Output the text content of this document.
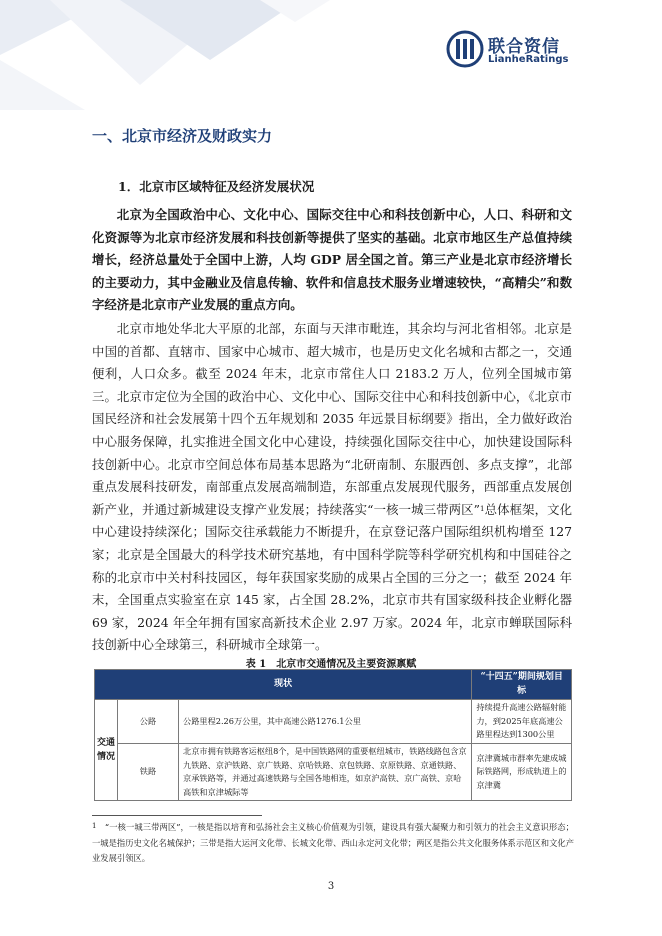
联合资信
LianheRatings
一、北京市经济及财政实力
1．北京市区域特征及经济发展状况

北京为全国政治中心、文化中心、国际交往中心和科技创新中心，人口、科研和文化资源等为北京市经济发展和科技创新等提供了坚实的基础。北京市地区生产总值持续增长，经济总量处于全国中上游，人均 GDP 居全国之首。第三产业是北京市经济增长的主要动力，其中金融业及信息传输、软件和信息技术服务业增速较快，“高精尖”和数字经济是北京市产业发展的重点方向。

北京市地处华北大平原的北部，东面与天津市毗连，其余均与河北省相邻。北京是中国的首都、直辖市、国家中心城市、超大城市，也是历史文化名城和古都之一，交通便利，人口众多。截至 2024 年末，北京市常住人口 2183.2 万人，位列全国城市第三。北京市定位为全国的政治中心、文化中心、国际交往中心和科技创新中心，《北京市国民经济和社会发展第十四个五年规划和 2035 年远景目标纲要》指出，全力做好政治中心服务保障，扎实推进全国文化中心建设，持续强化国际交往中心，加快建设国际科技创新中心。北京市空间总体布局基本思路为“北研南制、东服西创、多点支撑”，北部重点发展科技研发，南部重点发展高端制造，东部重点发展现代服务，西部重点发展创新产业，并通过新城建设支撑产业发展；持续落实“一核一城三带两区”$^1$总体框架，文化中心建设持续深化；国际交往承载能力不断提升，在京登记落户国际组织机构增至 127 家；北京是全国最大的科学技术研究基地，有中国科学院等科学研究机构和中国硅谷之称的北京市中关村科技园区，每年获国家奖励的成果占全国的三分之一；截至 2024 年末，全国重点实验室在京 145 家，占全国 28.2%，北京市共有国家级科技企业孵化器 69 家，2024 年全年拥有国家高新技术企业 2.97 万家。2024 年，北京市蝉联国际科技创新中心全球第三，科研城市全球第一。

表 1　北京市交通情况及主要资源禀赋
现状			“十四五”期间规划目标
交通情况	公路	公路里程2.26万公里，其中高速公路1276.1公里	持续提升高速公路辐射能力，到2025年底高速公路里程达到1300公里
	铁路	北京市拥有铁路客运枢纽8个，是中国铁路网的重要枢纽城市，铁路线路包含京九铁路、京沪铁路、京广铁路、京哈铁路、京包铁路、京原铁路、京通铁路、京承铁路等，并通过高速铁路与全国各地相连，如京沪高铁、京广高铁、京哈高铁和京津城际等	京津冀城市群率先建成城际铁路网，形成轨道上的京津冀
$^1$　 “一核一城三带两区”，一核是指以培育和弘扬社会主义核心价值观为引领，建设具有强大凝聚力和引领力的社会主义意识形态；一城是指历史文化名城保护；三带是指大运河文化带、长城文化带、西山永定河文化带；两区是指公共文化服务体系示范区和文化产业发展引领区。
3
